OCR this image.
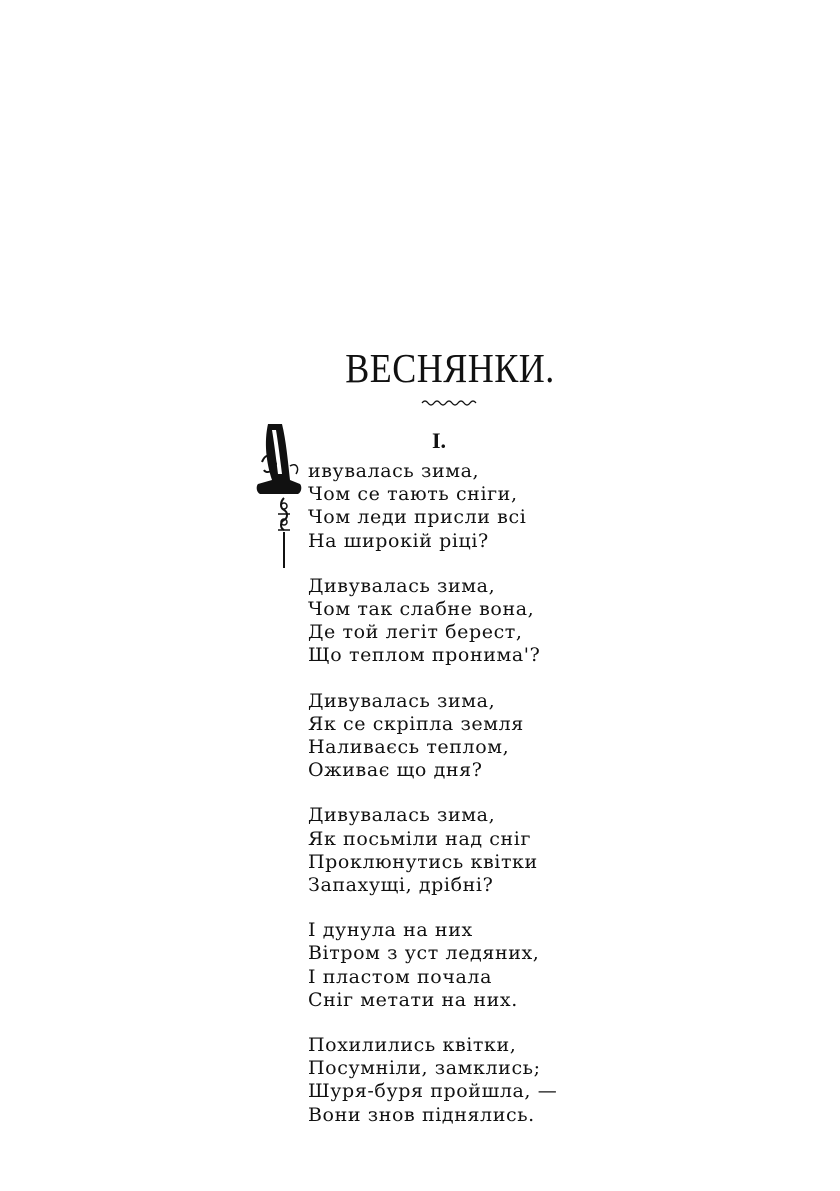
ВЕСНЯНКИ.
I.
ивувалась зима,
Чом се тають сніги,
Чом леди присли всі
На широкій ріці?
Дивувалась зима,
Чом так слабне вона,
Де той легіт берест,
Що теплом пронима'?
Дивувалась зима,
Як се скріпла земля
Наливаєсь теплом,
Оживає що дня?
Дивувалась зима,
Як посьміли над сніг
Проклюнутись квітки
Запахущі, дрібні?
І дунула на них
Вітром з уст ледяних,
І пластом почала
Сніг метати на них.
Похилились квітки,
Посумніли, замклись;
Шуря-буря пройшла, —
Вони знов піднялись.
